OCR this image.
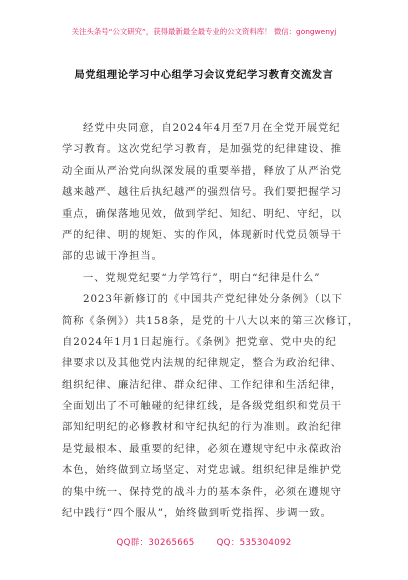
关注头条号“公文研究”，获得最新最全最专业的公文资料库！ 微信：gongwenyj
局党组理论学习中心组学习会议党纪学习教育交流发言
经党中央同意，自2024年4月至7月在全党开展党纪
学习教育。这次党纪学习教育，是加强党的纪律建设、推
动全面从严治党向纵深发展的重要举措，释放了从严治党
越来越严、越往后执纪越严的强烈信号。我们要把握学习
重点，确保落地见效，做到学纪、知纪、明纪、守纪，以
严的纪律、明的规矩、实的作风，体现新时代党员领导干
部的忠诚干净担当。
一、党规党纪要“力学笃行”，明白“纪律是什么”
2023年新修订的《中国共产党纪律处分条例》（以下
简称《条例》）共158条，是党的十八大以来的第三次修订，
自2024年1月1日起施行。《条例》把党章、党中央的纪
律要求以及其他党内法规的纪律规定，整合为政治纪律、
组织纪律、廉洁纪律、群众纪律、工作纪律和生活纪律，
全面划出了不可触碰的纪律红线，是各级党组织和党员干
部知纪明纪的必修教材和守纪执纪的行为准则。政治纪律
是党最根本、最重要的纪律，必须在遵规守纪中永葆政治
本色，始终做到立场坚定、对党忠诚。组织纪律是维护党
的集中统一、保持党的战斗力的基本条件，必须在遵规守
纪中践行“四个服从”，始终做到听党指挥、步调一致。
QQ群：30265665	QQ：535304092
